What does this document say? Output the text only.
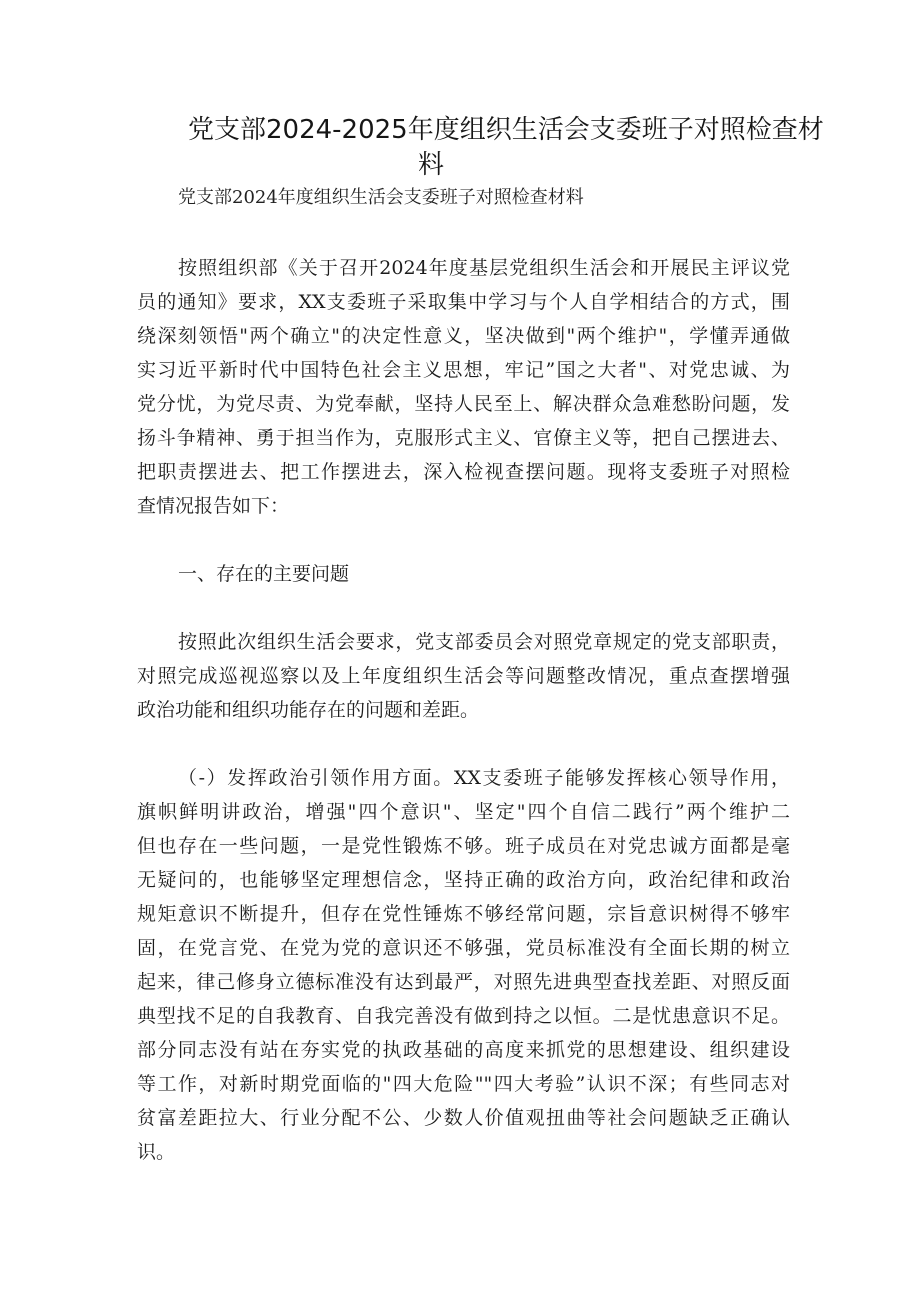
党支部2024-2025年度组织生活会支委班子对照检查材
料
党支部2024年度组织生活会支委班子对照检查材料
按照组织部《关于召开2024年度基层党组织生活会和开展民主评议党
员的通知》要求，XX支委班子采取集中学习与个人自学相结合的方式，围
绕深刻领悟"两个确立"的决定性意义，坚决做到"两个维护"，学懂弄通做
实习近平新时代中国特色社会主义思想，牢记”国之大者"、对党忠诚、为
党分忧，为党尽责、为党奉献，坚持人民至上、解决群众急难愁盼问题，发
扬斗争精神、勇于担当作为，克服形式主义、官僚主义等，把自己摆进去、
把职责摆进去、把工作摆进去，深入检视查摆问题。现将支委班子对照检
查情况报告如下：
一、存在的主要问题
按照此次组织生活会要求，党支部委员会对照党章规定的党支部职责，
对照完成巡视巡察以及上年度组织生活会等问题整改情况，重点查摆增强
政治功能和组织功能存在的问题和差距。
（-）发挥政治引领作用方面。XX支委班子能够发挥核心领导作用，
旗帜鲜明讲政治，增强"四个意识"、坚定"四个自信二践行”两个维护二
但也存在一些问题，一是党性锻炼不够。班子成员在对党忠诚方面都是毫
无疑问的，也能够坚定理想信念，坚持正确的政治方向，政治纪律和政治
规矩意识不断提升，但存在党性锤炼不够经常问题，宗旨意识树得不够牢
固，在党言党、在党为党的意识还不够强，党员标准没有全面长期的树立
起来，律己修身立德标准没有达到最严，对照先进典型查找差距、对照反面
典型找不足的自我教育、自我完善没有做到持之以恒。二是忧患意识不足。
部分同志没有站在夯实党的执政基础的高度来抓党的思想建设、组织建设
等工作，对新时期党面临的"四大危险""四大考验”认识不深；有些同志对
贫富差距拉大、行业分配不公、少数人价值观扭曲等社会问题缺乏正确认
识。
